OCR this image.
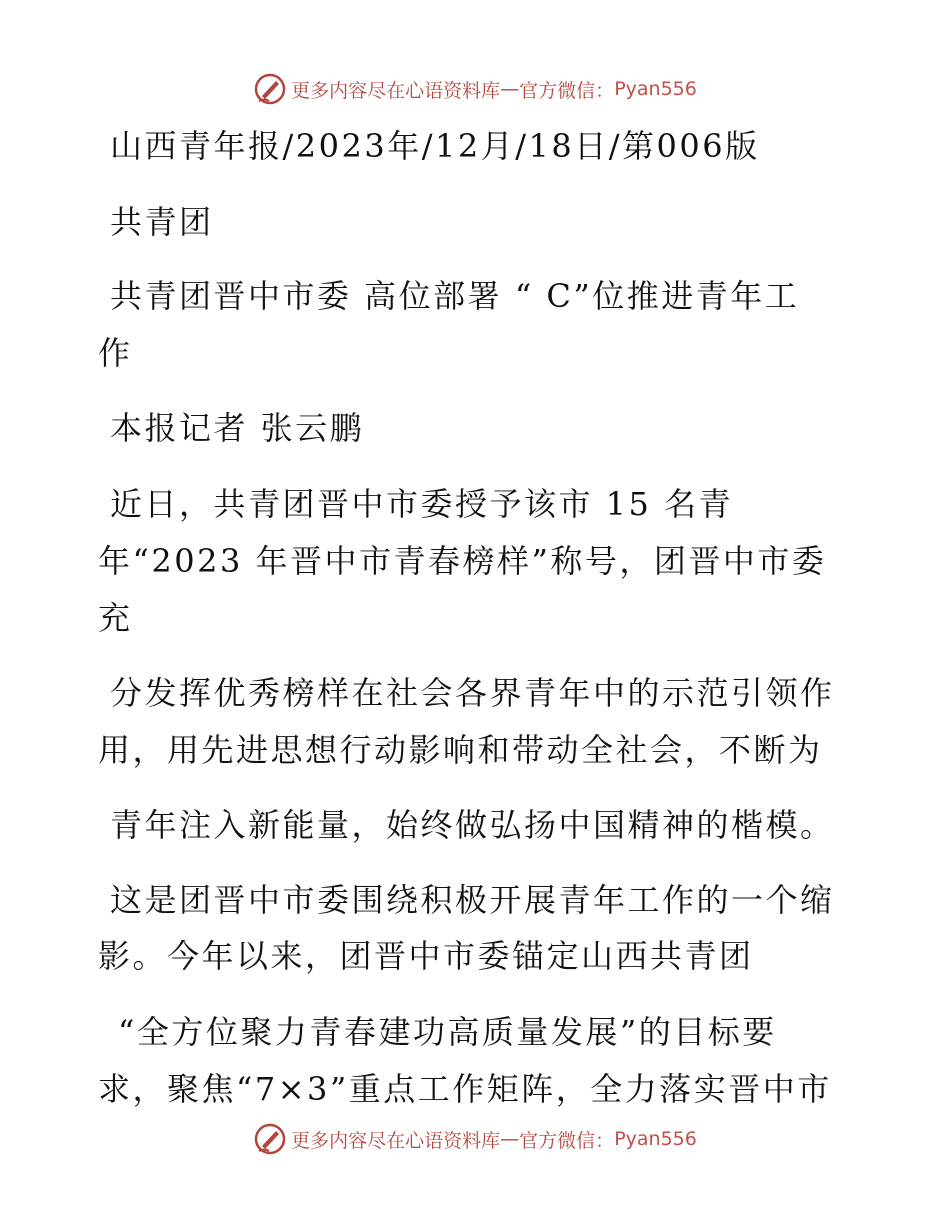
更多内容尽在心语资料库 — 官方微信： Pyan556
山西青年报/2023年/12月/18日/第006版
共青团
共青团晋中市委 高位部署 “ C”位推进青年工
作
本报记者 张云鹏
近日，共青团晋中市委授予该市 15 名青
年“2023 年晋中市青春榜样”称号，团晋中市委
充
分发挥优秀榜样在社会各界青年中的示范引领作
用，用先进思想行动影响和带动全社会，不断为
青年注入新能量，始终做弘扬中国精神的楷模。
这是团晋中市委围绕积极开展青年工作的一个缩
影。今年以来，团晋中市委锚定山西共青团
“全方位聚力青春建功高质量发展”的目标要
求，聚焦“7×3”重点工作矩阵，全力落实晋中市
更多内容尽在心语资料库 — 官方微信： Pyan556
